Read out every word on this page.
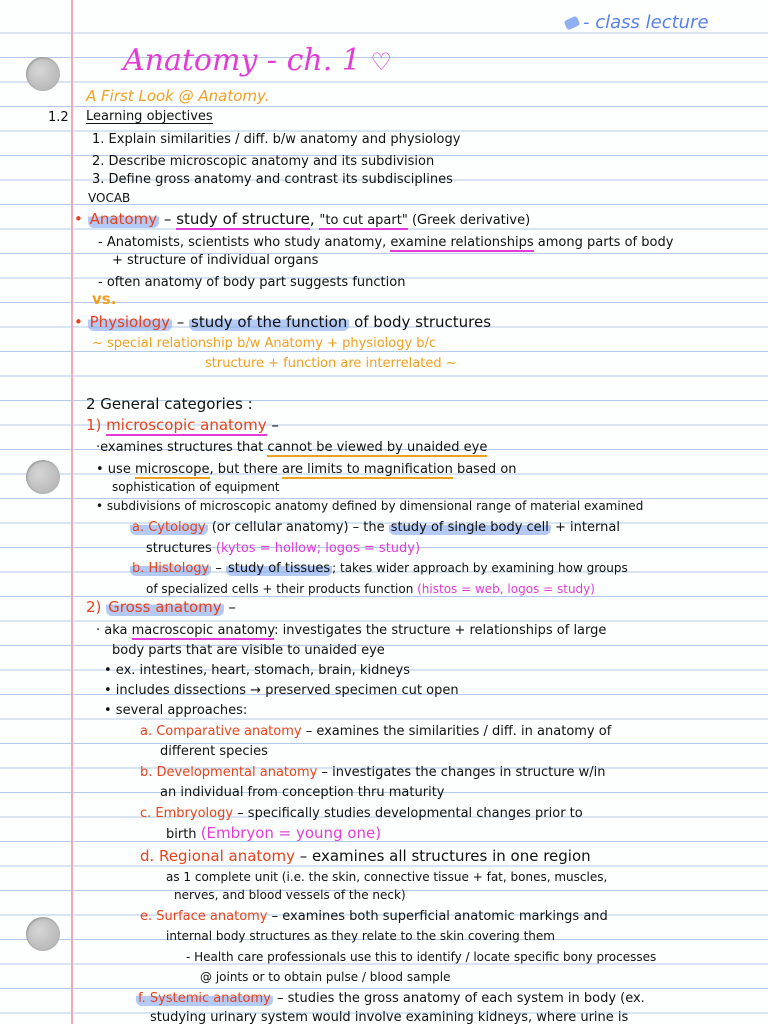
- class lecture
Anatomy - ch. 1 ♡
A First Look @ Anatomy.
1.2 Learning objectives
1. Explain similarities / diff. b/w anatomy and physiology
2. Describe microscopic anatomy and its subdivision
3. Define gross anatomy and contrast its subdisciplines
VOCAB
• Anatomy – study of structure, "to cut apart" (Greek derivative)
- Anatomists, scientists who study anatomy, examine relationships among parts of body
+ structure of individual organs
- often anatomy of body part suggests function
vs.
• Physiology – study of the function of body structures
~ special relationship b/w Anatomy + physiology b/c
structure + function are interrelated ~
2 General categories :
1) microscopic anatomy –
·examines structures that cannot be viewed by unaided eye
• use microscope, but there are limits to magnification based on
sophistication of equipment
• subdivisions of microscopic anatomy defined by dimensional range of material examined
a. Cytology (or cellular anatomy) – the study of single body cell + internal
structures (kytos = hollow; logos = study)
b. Histology – study of tissues ; takes wider approach by examining how groups
of specialized cells + their products function (histos = web, logos = study)
2) Gross anatomy –
· aka macroscopic anatomy: investigates the structure + relationships of large
body parts that are visible to unaided eye
• ex. intestines, heart, stomach, brain, kidneys
• includes dissections → preserved specimen cut open
• several approaches:
a. Comparative anatomy – examines the similarities / diff. in anatomy of
different species
b. Developmental anatomy – investigates the changes in structure w/in
an individual from conception thru maturity
c. Embryology – specifically studies developmental changes prior to
birth (Embryon = young one)
d. Regional anatomy – examines all structures in one region
as 1 complete unit (i.e. the skin, connective tissue + fat, bones, muscles,
nerves, and blood vessels of the neck)
e. Surface anatomy – examines both superficial anatomic markings and
internal body structures as they relate to the skin covering them
- Health care professionals use this to identify / locate specific bony processes
@ joints or to obtain pulse / blood sample
f. Systemic anatomy – studies the gross anatomy of each system in body (ex.
studying urinary system would involve examining kidneys, where urine is
